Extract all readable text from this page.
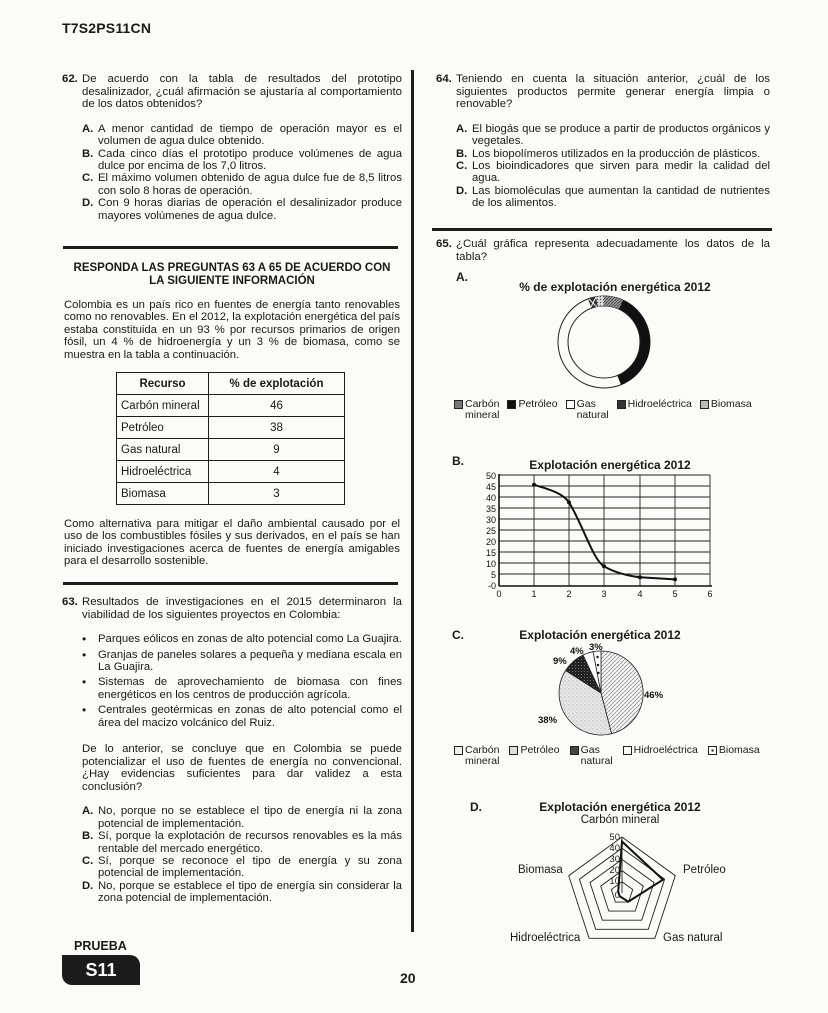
T7S2PS11CN
62. De acuerdo con la tabla de resultados del prototipo desalinizador, ¿cuál afirmación se ajustaría al comportamiento de los datos obtenidos?
A. A menor cantidad de tiempo de operación mayor es el volumen de agua dulce obtenido.
B. Cada cinco días el prototipo produce volúmenes de agua dulce por encima de los 7,0 litros.
C. El máximo volumen obtenido de agua dulce fue de 8,5 litros con solo 8 horas de operación.
D. Con 9 horas diarias de operación el desalinizador produce mayores volúmenes de agua dulce.
RESPONDA LAS PREGUNTAS 63 A 65 DE ACUERDO CON
LA SIGUIENTE INFORMACIÓN
Colombia es un país rico en fuentes de energía tanto renovables como no renovables. En el 2012, la explotación energética del país estaba constituida en un 93 % por recursos primarios de origen fósil, un 4 % de hidroenergía y un 3 % de biomasa, como se muestra en la tabla a continuación.
Recurso	% de explotación
Carbón mineral	46
Petróleo	38
Gas natural	9
Hidroeléctrica	4
Biomasa	3
Como alternativa para mitigar el daño ambiental causado por el uso de los combustibles fósiles y sus derivados, en el país se han iniciado investigaciones acerca de fuentes de energía amigables para el desarrollo sostenible.
63. Resultados de investigaciones en el 2015 determinaron la viabilidad de los siguientes proyectos en Colombia:
• Parques eólicos en zonas de alto potencial como La Guajira.
• Granjas de paneles solares a pequeña y mediana escala en La Guajira.
• Sistemas de aprovechamiento de biomasa con fines energéticos en los centros de producción agrícola.
• Centrales geotérmicas en zonas de alto potencial como el área del macizo volcánico del Ruiz.
De lo anterior, se concluye que en Colombia se puede potencializar el uso de fuentes de energía no convencional. ¿Hay evidencias suficientes para dar validez a esta conclusión?
A. No, porque no se establece el tipo de energía ni la zona potencial de implementación.
B. Sí, porque la explotación de recursos renovables es la más rentable del mercado energético.
C. Sí, porque se reconoce el tipo de energía y su zona potencial de implementación.
D. No, porque se establece el tipo de energía sin considerar la zona potencial de implementación.
64. Teniendo en cuenta la situación anterior, ¿cuál de los siguientes productos permite generar energía limpia o renovable?
A. El biogás que se produce a partir de productos orgánicos y vegetales.
B. Los biopolímeros utilizados en la producción de plásticos.
C. Los bioindicadores que sirven para medir la calidad del agua.
D. Las biomoléculas que aumentan la cantidad de nutrientes de los alimentos.
65. ¿Cuál gráfica representa adecuadamente los datos de la tabla?
A.
% de explotación energética 2012
Carbón
mineral
Petróleo Gas
natural
Hidroeléctrica Biomasa
B.	Explotación energética 2012
50
45
40
35
30
25
20
15
10
5
-0
0	1	2	3	4	5	6
C.	Explotación energética 2012
46%
38%
9%
4% 3%
Carbón
mineral
Petróleo Gas
natural
Hidroeléctrica Biomasa
D.	Explotación energética 2012
Carbón mineral
Biomasa	Petróleo
Hidroeléctrica	Gas natural
50
40
30
20
10
0
PRUEBA
S11	20
